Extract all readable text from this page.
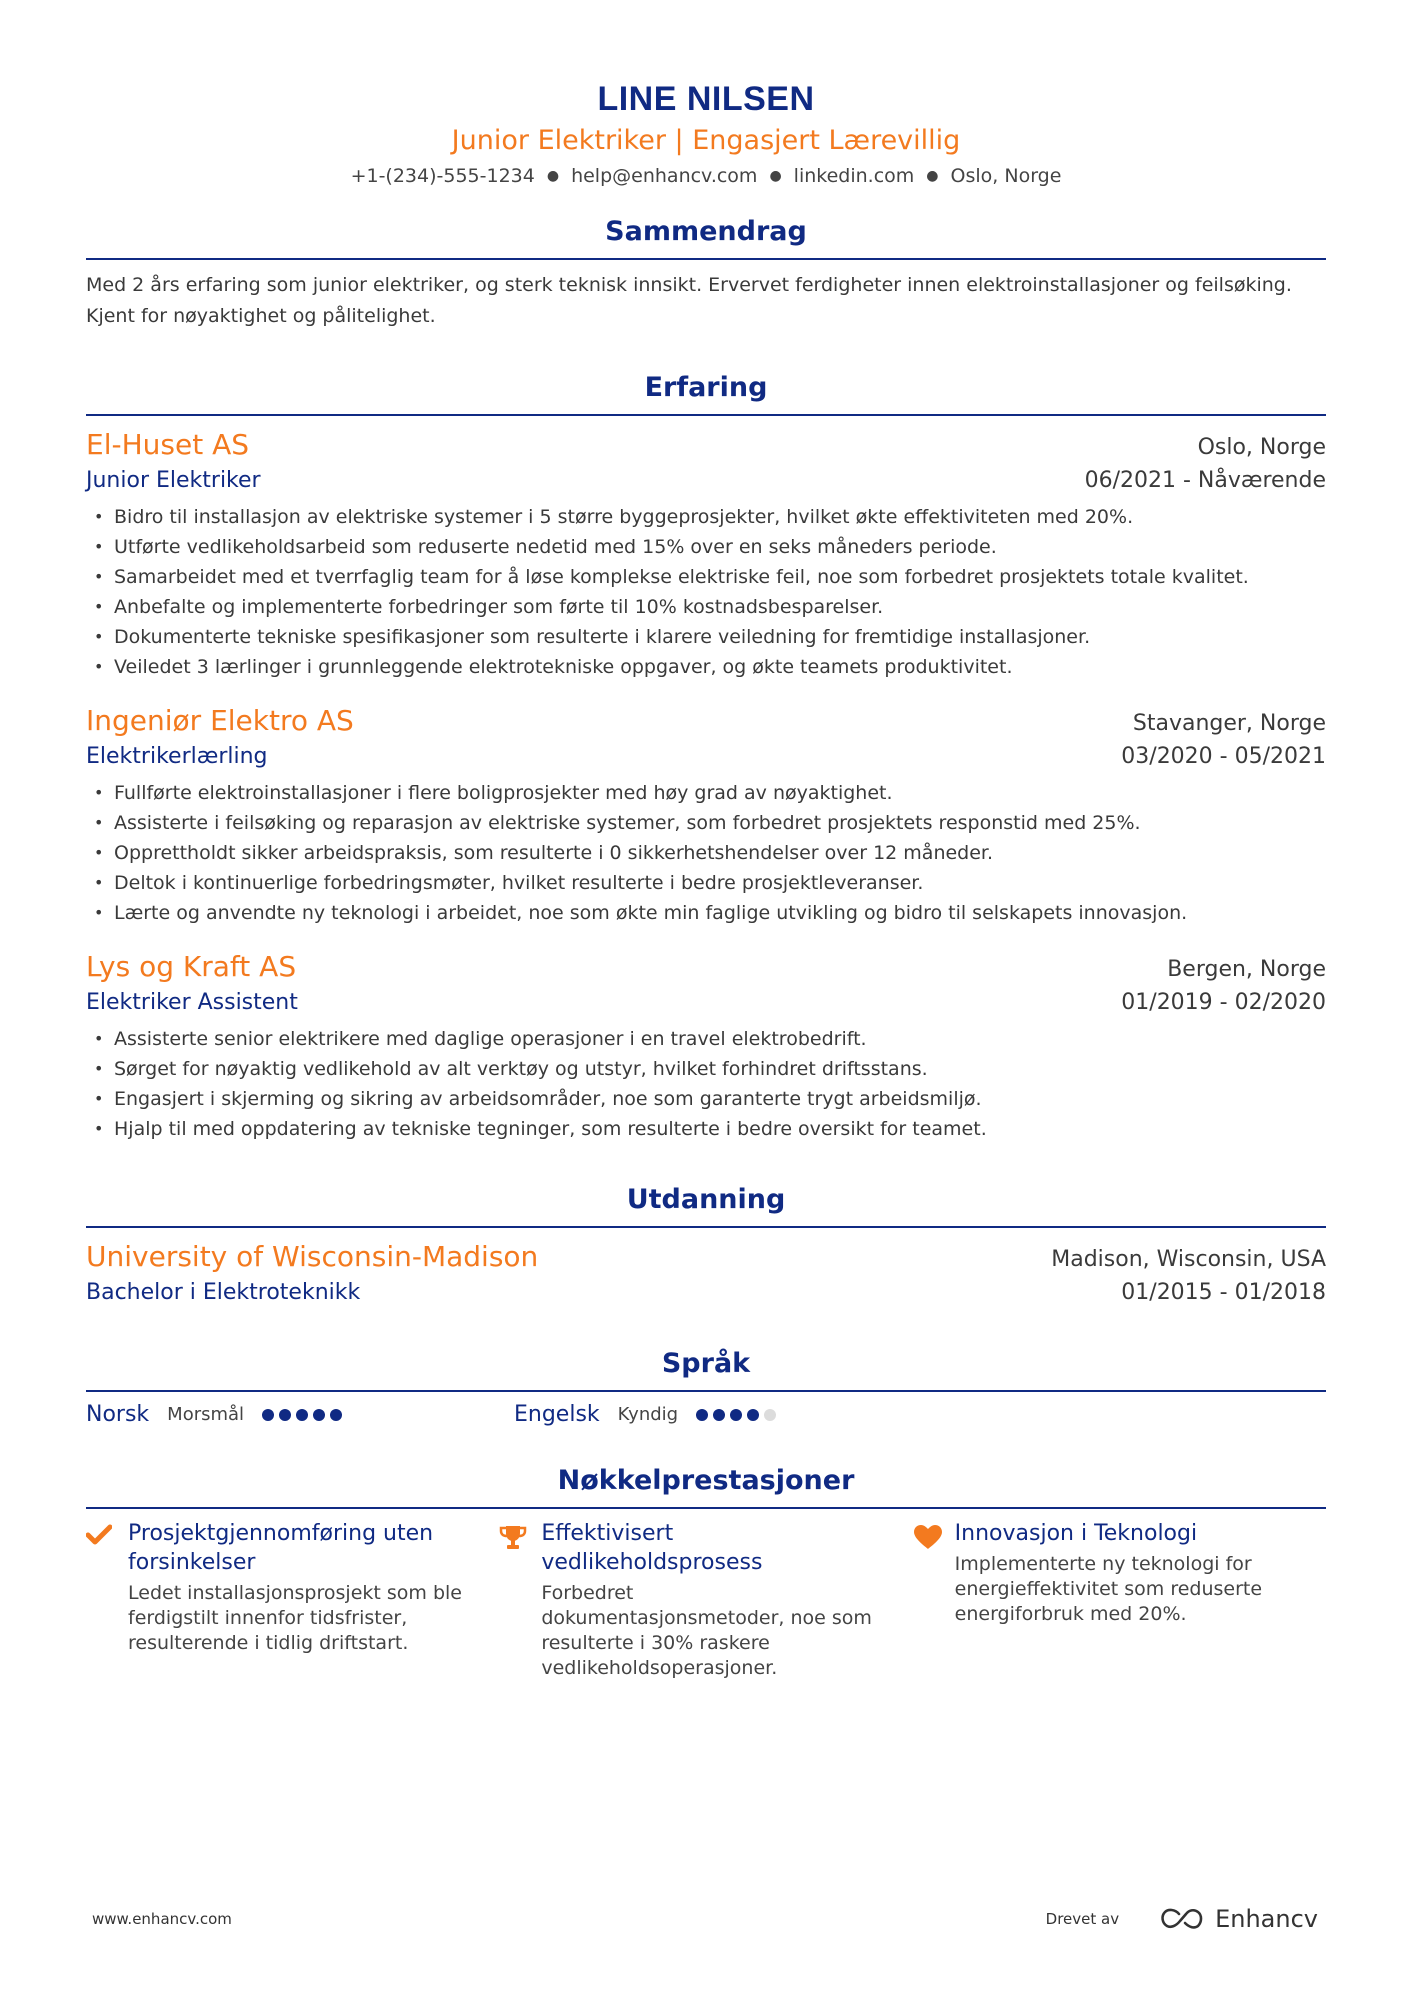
LINE NILSEN
Junior Elektriker | Engasjert Lærevillig
+1-(234)-555-1234 ● help@enhancv.com ● linkedin.com ● Oslo, Norge
Sammendrag
Med 2 års erfaring som junior elektriker, og sterk teknisk innsikt. Ervervet ferdigheter innen elektroinstallasjoner og feilsøking. Kjent for nøyaktighet og pålitelighet.
Erfaring
El-Huset AS	Oslo, Norge
Junior Elektriker	06/2021 - Nåværende
• Bidro til installasjon av elektriske systemer i 5 større byggeprosjekter, hvilket økte effektiviteten med 20%.
• Utførte vedlikeholdsarbeid som reduserte nedetid med 15% over en seks måneders periode.
• Samarbeidet med et tverrfaglig team for å løse komplekse elektriske feil, noe som forbedret prosjektets totale kvalitet.
• Anbefalte og implementerte forbedringer som førte til 10% kostnadsbesparelser.
• Dokumenterte tekniske spesifikasjoner som resulterte i klarere veiledning for fremtidige installasjoner.
• Veiledet 3 lærlinger i grunnleggende elektrotekniske oppgaver, og økte teamets produktivitet.
Ingeniør Elektro AS	Stavanger, Norge
Elektrikerlærling	03/2020 - 05/2021
• Fullførte elektroinstallasjoner i flere boligprosjekter med høy grad av nøyaktighet.
• Assisterte i feilsøking og reparasjon av elektriske systemer, som forbedret prosjektets responstid med 25%.
• Opprettholdt sikker arbeidspraksis, som resulterte i 0 sikkerhetshendelser over 12 måneder.
• Deltok i kontinuerlige forbedringsmøter, hvilket resulterte i bedre prosjektleveranser.
• Lærte og anvendte ny teknologi i arbeidet, noe som økte min faglige utvikling og bidro til selskapets innovasjon.
Lys og Kraft AS	Bergen, Norge
Elektriker Assistent	01/2019 - 02/2020
• Assisterte senior elektrikere med daglige operasjoner i en travel elektrobedrift.
• Sørget for nøyaktig vedlikehold av alt verktøy og utstyr, hvilket forhindret driftsstans.
• Engasjert i skjerming og sikring av arbeidsområder, noe som garanterte trygt arbeidsmiljø.
• Hjalp til med oppdatering av tekniske tegninger, som resulterte i bedre oversikt for teamet.
Utdanning
University of Wisconsin-Madison	Madison, Wisconsin, USA
Bachelor i Elektroteknikk	01/2015 - 01/2018
Språk
Norsk Morsmål	Engelsk Kyndig
Nøkkelprestasjoner
Prosjektgjennomføring uten forsinkelser
Ledet installasjonsprosjekt som ble ferdigstilt innenfor tidsfrister, resulterende i tidlig driftstart.
Effektivisert vedlikeholdsprosess
Forbedret dokumentasjonsmetoder, noe som resulterte i 30% raskere vedlikeholdsoperasjoner.
Innovasjon i Teknologi
Implementerte ny teknologi for energieffektivitet som reduserte energiforbruk med 20%.
www.enhancv.com	Drevet av	Enhancv
